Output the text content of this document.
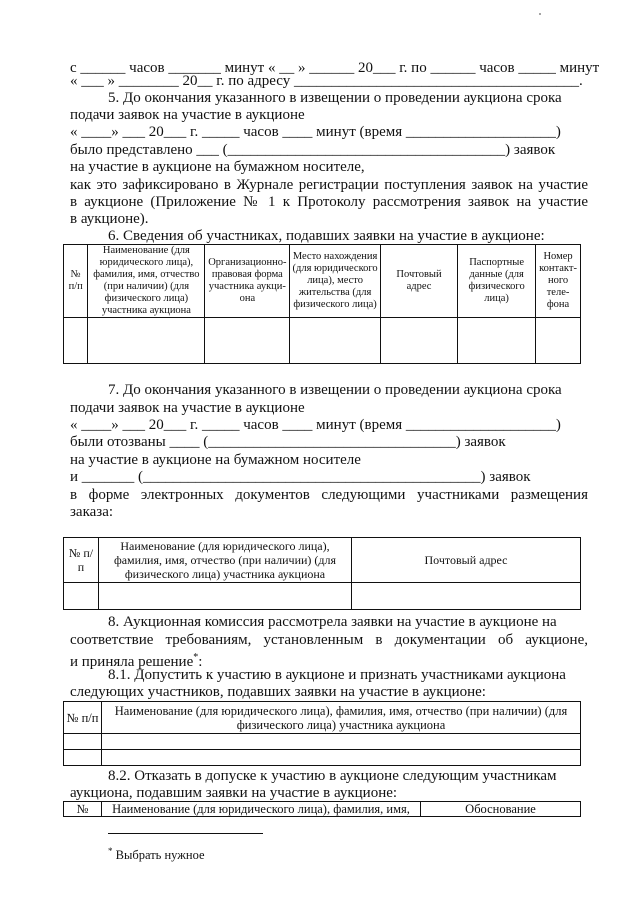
с ______ часов _______ минут « __ » ______ 20___ г. по ______ часов _____ минут
« ___ » ________ 20__ г. по адресу ______________________________________.
5. До окончания указанного в извещении о проведении аукциона срока
подачи заявок на участие в аукционе
« ____» ___ 20___ г. _____ часов ____ минут (время ____________________)
было представлено ___ (_____________________________________) заявок
на участие в аукционе на бумажном носителе,
как это зафиксировано в Журнале регистрации поступления заявок на участие
в аукционе (Приложение № 1 к Протоколу рассмотрения заявок на участие
в аукционе).
6. Сведения об участниках, подавших заявки на участие в аукционе:
№ п/п	Наименование (для юридического лица), фамилия, имя, отчество (при наличии) (для физического лица) участника аукциона	Организационно-правовая форма участника аукци-она	Место нахождения (для юридического лица), место жительства (для физического лица)	Почтовый адрес	Паспортные данные (для физического лица)	Номер контакт-ного теле-фона

7. До окончания указанного в извещении о проведении аукциона срока
подачи заявок на участие в аукционе
« ____» ___ 20___ г. _____ часов ____ минут (время ____________________)
были отозваны ____ (_________________________________) заявок
на участие в аукционе на бумажном носителе
и _______ (_____________________________________________) заявок
в форме электронных документов следующими участниками размещения
заказа:
№ п/п	Наименование (для юридического лица), фамилия, имя, отчество (при наличии) (для физического лица) участника аукциона	Почтовый адрес

8. Аукционная комиссия рассмотрела заявки на участие в аукционе на
соответствие требованиям, установленным в документации об аукционе,
и приняла решение*:
8.1. Допустить к участию в аукционе и признать участниками аукциона
следующих участников, подавших заявки на участие в аукционе:
№ п/п	Наименование (для юридического лица), фамилия, имя, отчество (при наличии) (для физического лица) участника аукциона

8.2. Отказать в допуске к участию в аукционе следующим участникам
аукциона, подавшим заявки на участие в аукционе:
№	Наименование (для юридического лица), фамилия, имя,	Обоснование
* Выбрать нужное
